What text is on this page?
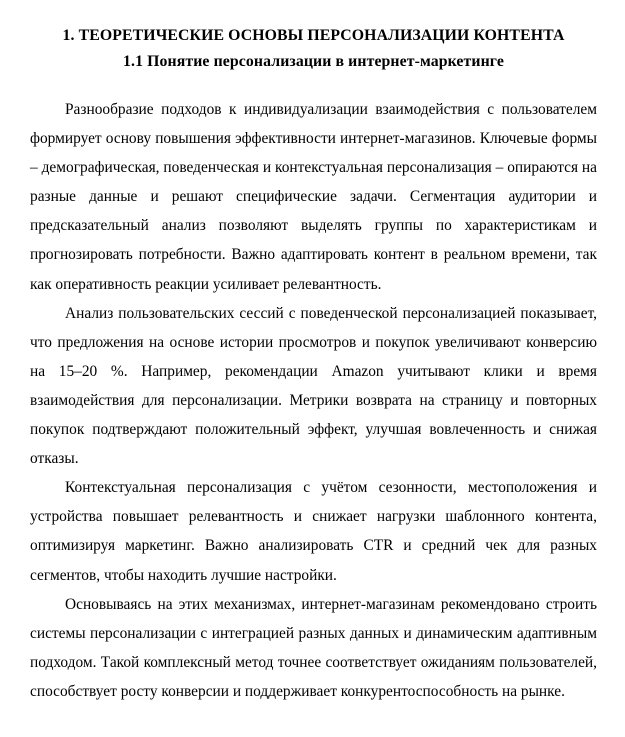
1. ТЕОРЕТИЧЕСКИЕ ОСНОВЫ ПЕРСОНАЛИЗАЦИИ КОНТЕНТА
1.1 Понятие персонализации в интернет-маркетинге

Разнообразие подходов к индивидуализации взаимодействия с пользователем формирует основу повышения эффективности интернет-магазинов. Ключевые формы – демографическая, поведенческая и контекстуальная персонализация – опираются на разные данные и решают специфические задачи. Сегментация аудитории и предсказательный анализ позволяют выделять группы по характеристикам и прогнозировать потребности. Важно адаптировать контент в реальном времени, так как оперативность реакции усиливает релевантность.

Анализ пользовательских сессий с поведенческой персонализацией показывает, что предложения на основе истории просмотров и покупок увеличивают конверсию на 15–20 %. Например, рекомендации Amazon учитывают клики и время взаимодействия для персонализации. Метрики возврата на страницу и повторных покупок подтверждают положительный эффект, улучшая вовлеченность и снижая отказы.

Контекстуальная персонализация с учётом сезонности, местоположения и устройства повышает релевантность и снижает нагрузки шаблонного контента, оптимизируя маркетинг. Важно анализировать CTR и средний чек для разных сегментов, чтобы находить лучшие настройки.

Основываясь на этих механизмах, интернет-магазинам рекомендовано строить системы персонализации с интеграцией разных данных и динамическим адаптивным подходом. Такой комплексный метод точнее соответствует ожиданиям пользователей, способствует росту конверсии и поддерживает конкурентоспособность на рынке.
